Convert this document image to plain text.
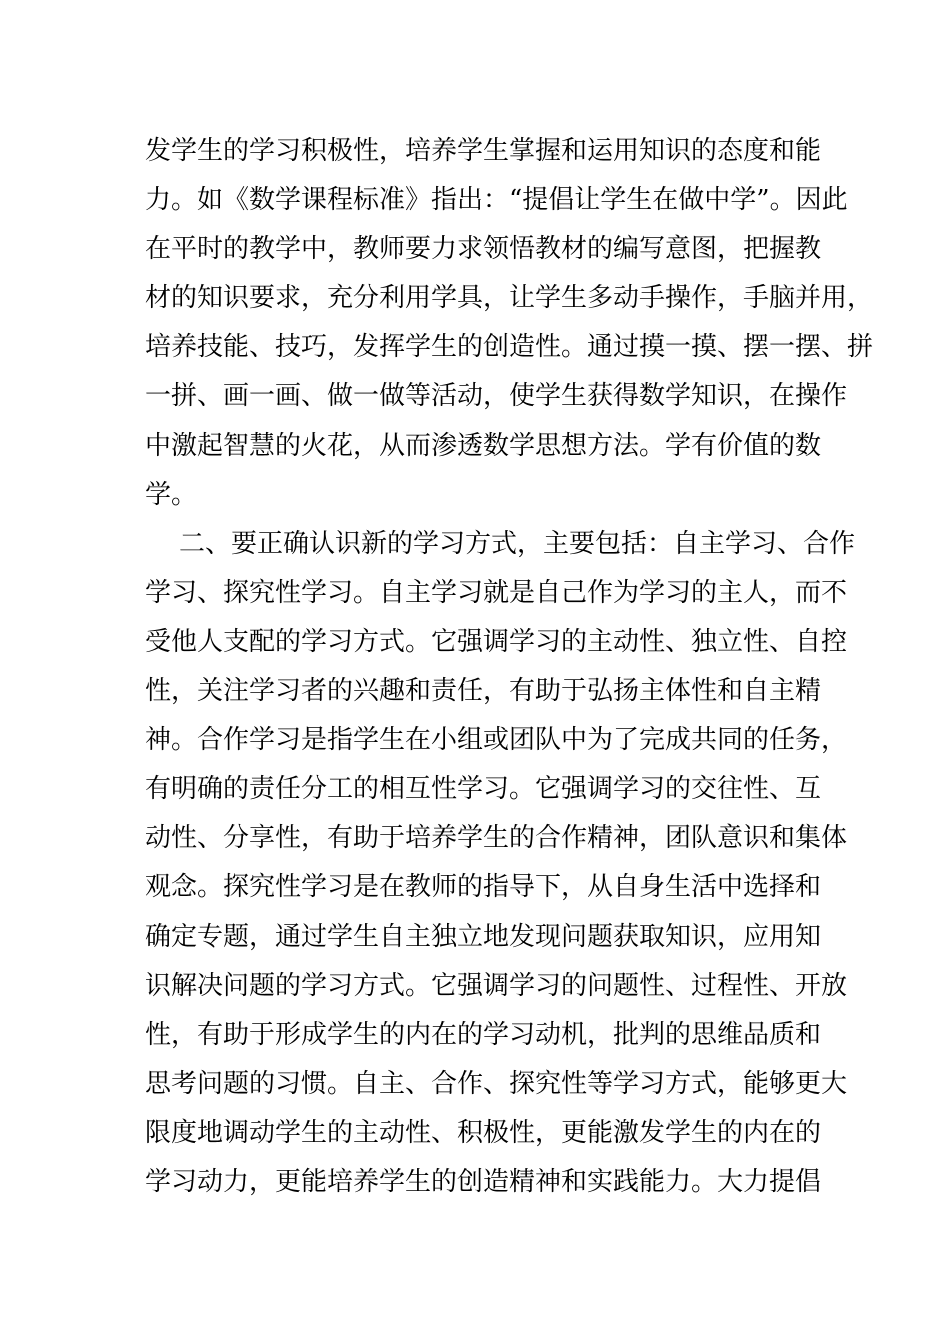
发学生的学习积极性，培养学生掌握和运用知识的态度和能
力。如《数学课程标准》指出：“提倡让学生在做中学”。因此
在平时的教学中，教师要力求领悟教材的编写意图，把握教
材的知识要求，充分利用学具，让学生多动手操作，手脑并用，
培养技能、技巧，发挥学生的创造性。通过摸一摸、摆一摆、拼
一拼、画一画、做一做等活动，使学生获得数学知识，在操作
中激起智慧的火花，从而渗透数学思想方法。学有价值的数
学。
二、要正确认识新的学习方式，主要包括：自主学习、合作
学习、探究性学习。自主学习就是自己作为学习的主人，而不
受他人支配的学习方式。它强调学习的主动性、独立性、自控
性，关注学习者的兴趣和责任，有助于弘扬主体性和自主精
神。合作学习是指学生在小组或团队中为了完成共同的任务，
有明确的责任分工的相互性学习。它强调学习的交往性、互
动性、分享性，有助于培养学生的合作精神，团队意识和集体
观念。探究性学习是在教师的指导下，从自身生活中选择和
确定专题，通过学生自主独立地发现问题获取知识，应用知
识解决问题的学习方式。它强调学习的问题性、过程性、开放
性，有助于形成学生的内在的学习动机，批判的思维品质和
思考问题的习惯。自主、合作、探究性等学习方式，能够更大
限度地调动学生的主动性、积极性，更能激发学生的内在的
学习动力，更能培养学生的创造精神和实践能力。大力提倡
